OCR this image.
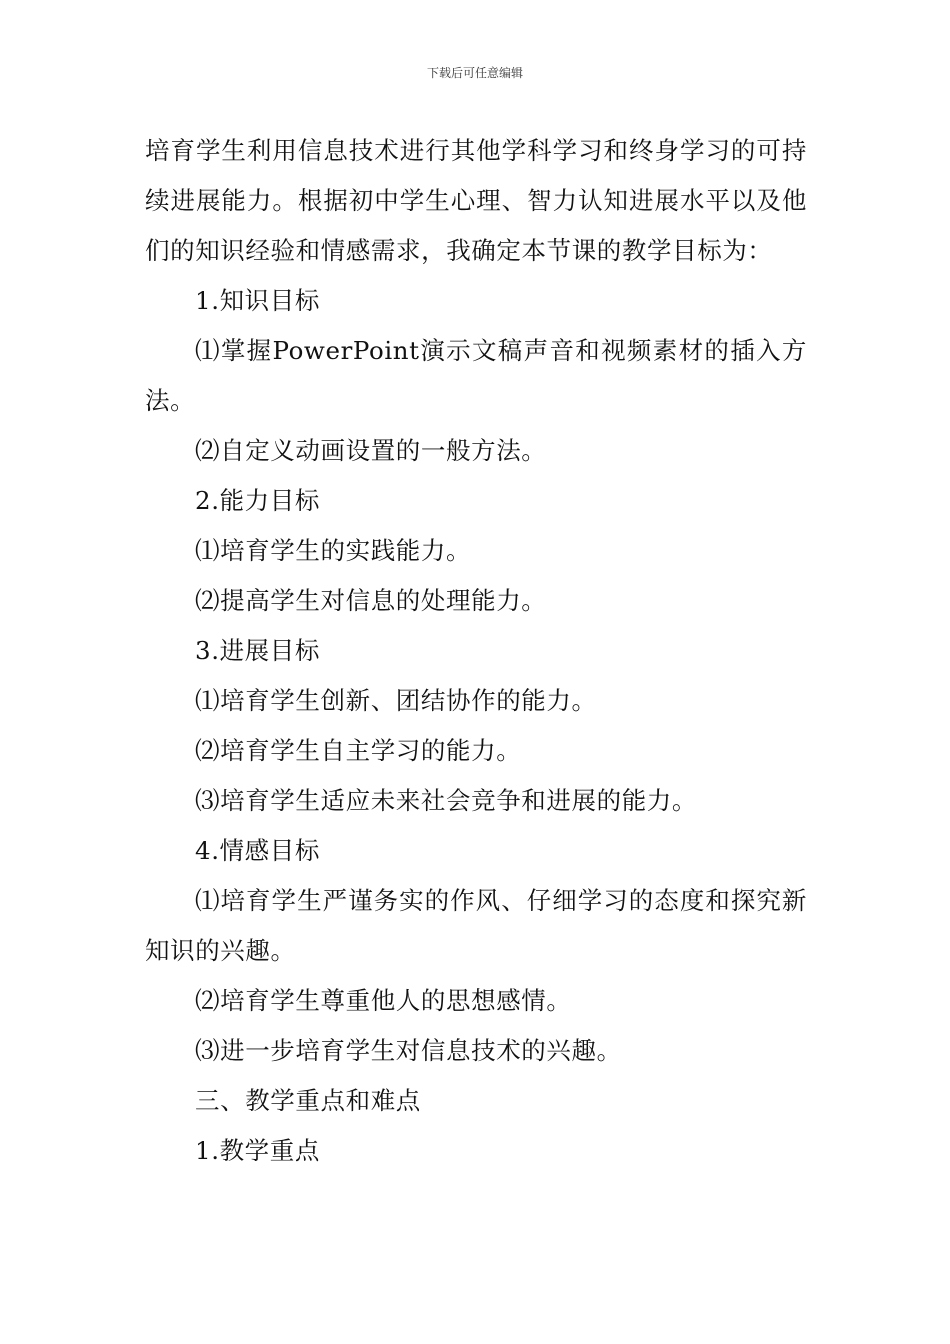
下载后可任意编辑

培育学生利用信息技术进行其他学科学习和终身学习的可持续进展能力。根据初中学生心理、智力认知进展水平以及他们的知识经验和情感需求，我确定本节课的教学目标为：

1.知识目标

⑴掌握PowerPoint演示文稿声音和视频素材的插入方法。

⑵自定义动画设置的一般方法。

2.能力目标

⑴培育学生的实践能力。

⑵提高学生对信息的处理能力。

3.进展目标

⑴培育学生创新、团结协作的能力。

⑵培育学生自主学习的能力。

⑶培育学生适应未来社会竞争和进展的能力。

4.情感目标

⑴培育学生严谨务实的作风、仔细学习的态度和探究新知识的兴趣。

⑵培育学生尊重他人的思想感情。

⑶进一步培育学生对信息技术的兴趣。

三、教学重点和难点

1.教学重点
